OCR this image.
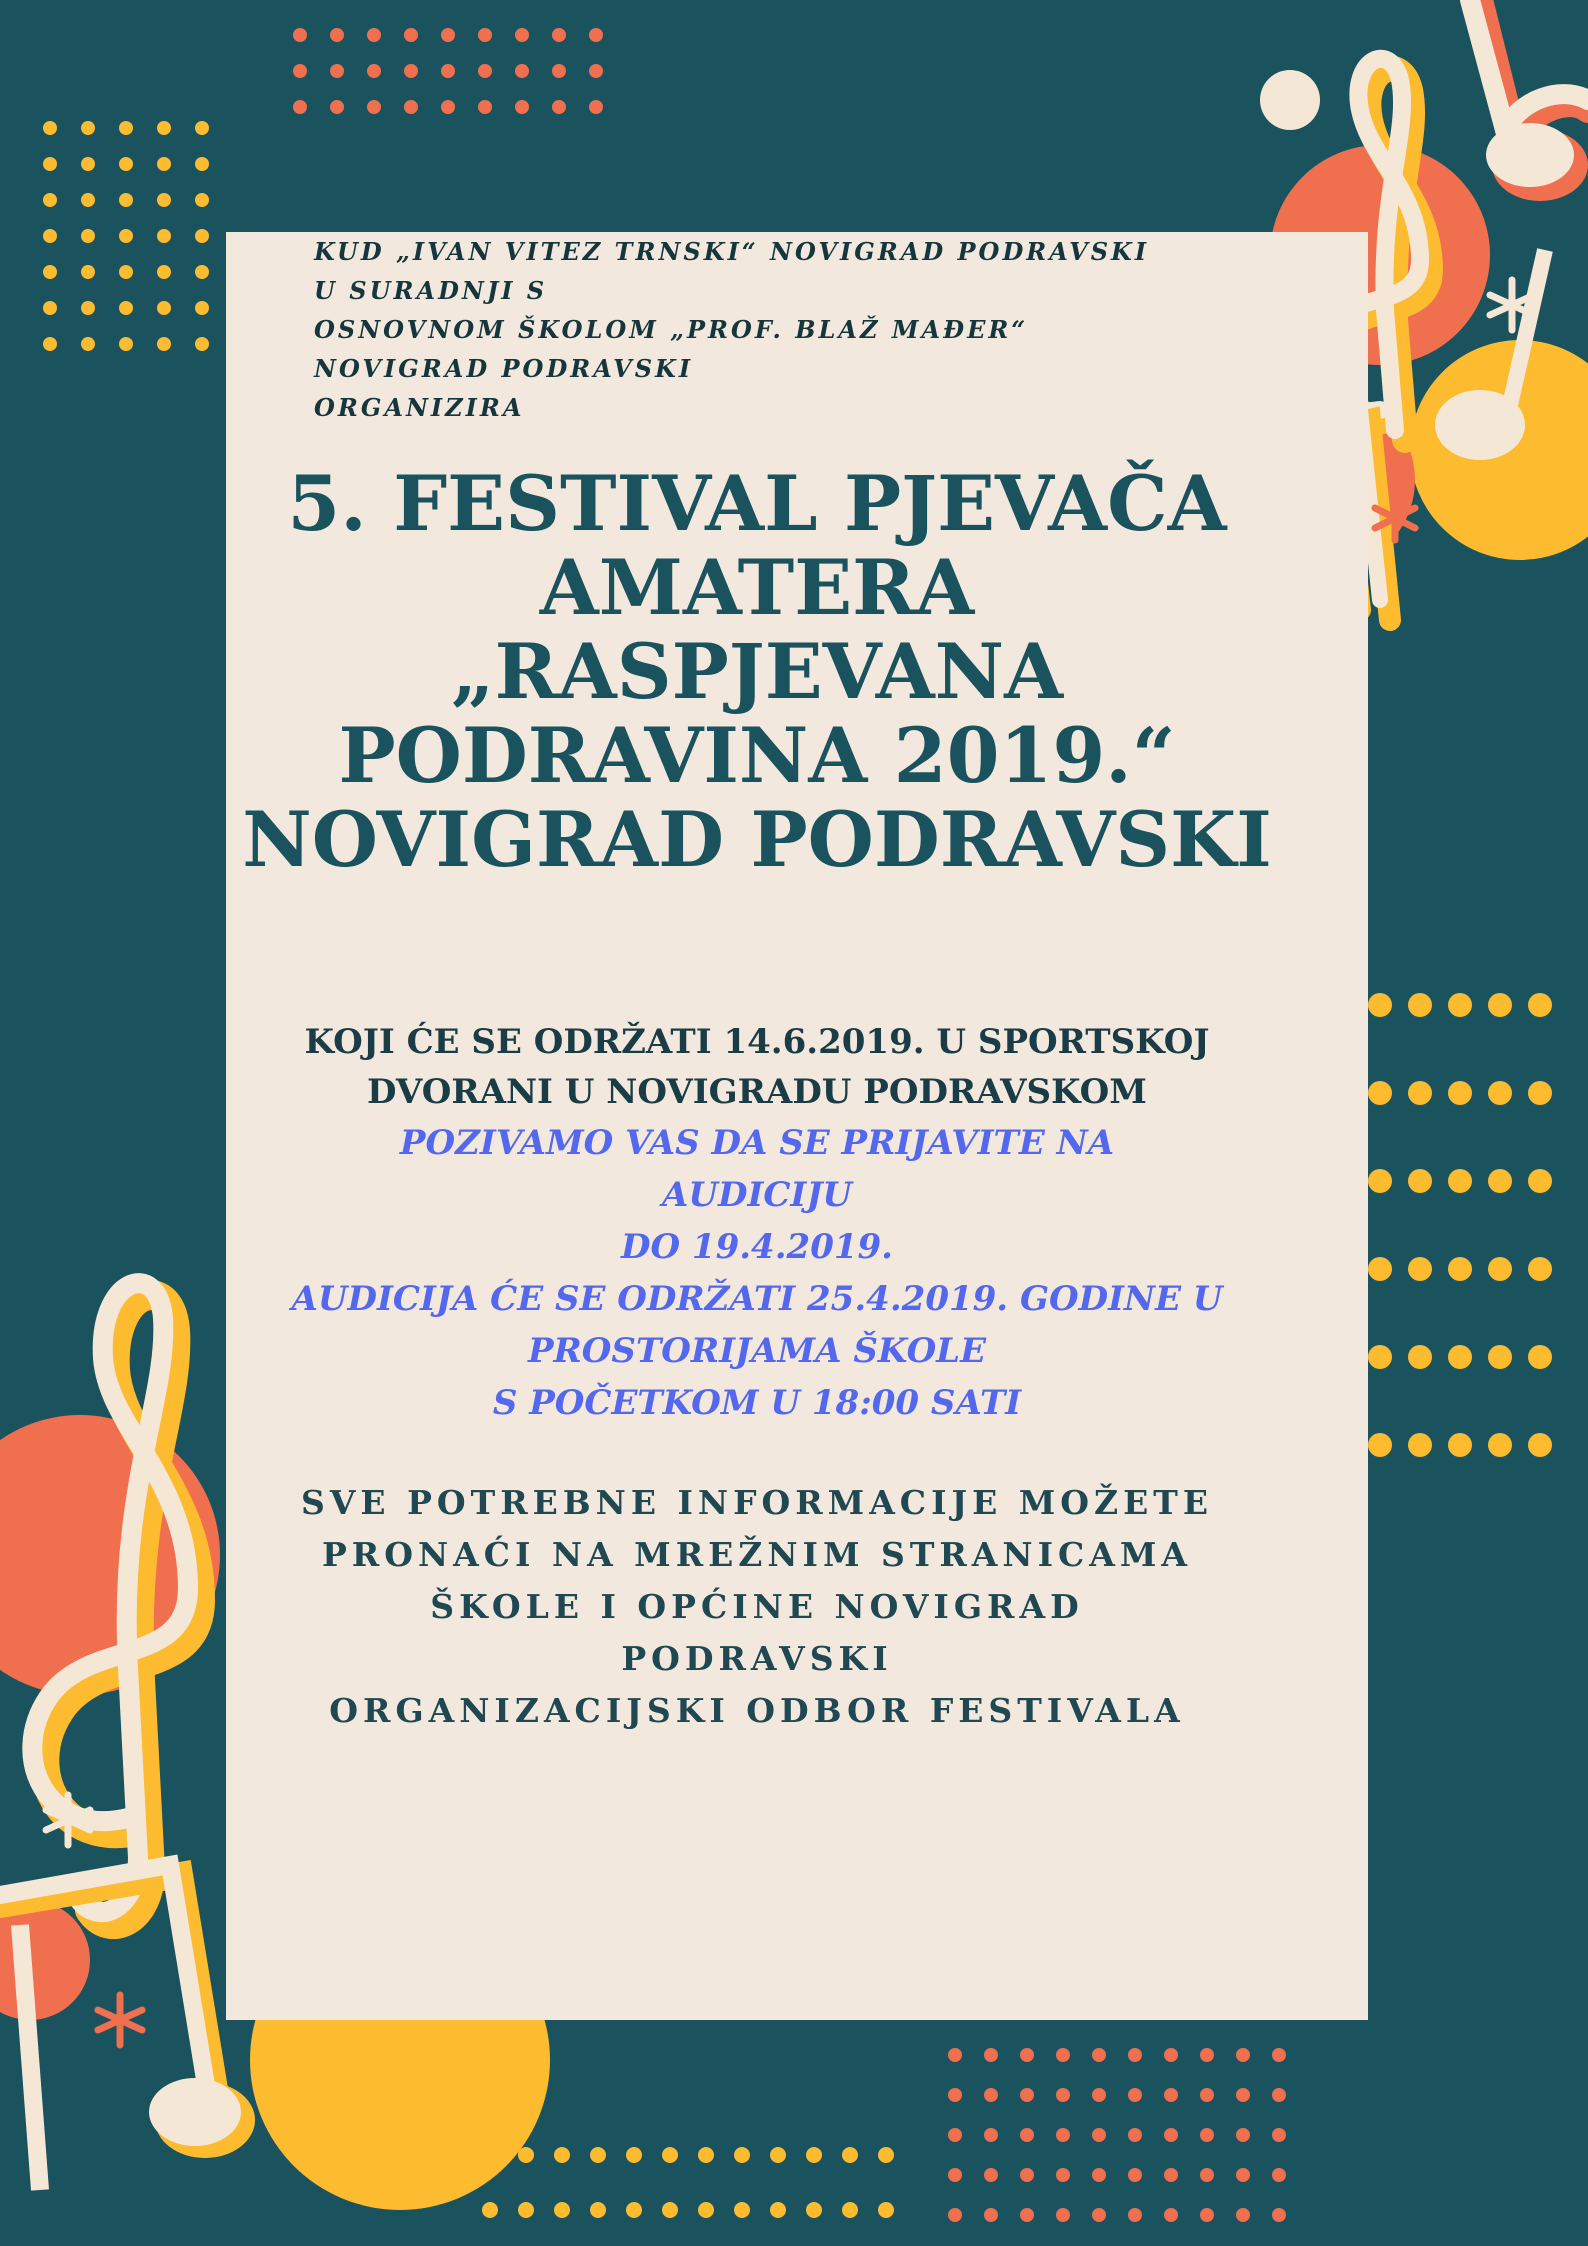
KUD „IVAN VITEZ TRNSKI“ NOVIGRAD PODRAVSKI
U SURADNJI S
OSNOVNOM ŠKOLOM „PROF. BLAŽ MAĐER“
NOVIGRAD PODRAVSKI
ORGANIZIRA
5. FESTIVAL PJEVAČA
AMATERA
„RASPJEVANA
PODRAVINA 2019.“
NOVIGRAD PODRAVSKI
KOJI ĆE SE ODRŽATI 14.6.2019. U SPORTSKOJ
DVORANI U NOVIGRADU PODRAVSKOM
POZIVAMO VAS DA SE PRIJAVITE NA
AUDICIJU
DO 19.4.2019.
AUDICIJA ĆE SE ODRŽATI 25.4.2019. GODINE U
PROSTORIJAMA ŠKOLE
S POČETKOM U 18:00 SATI
SVE POTREBNE INFORMACIJE MOŽETE
PRONAĆI NA MREŽNIM STRANICAMA
ŠKOLE I OPĆINE NOVIGRAD
PODRAVSKI
ORGANIZACIJSKI ODBOR FESTIVALA
